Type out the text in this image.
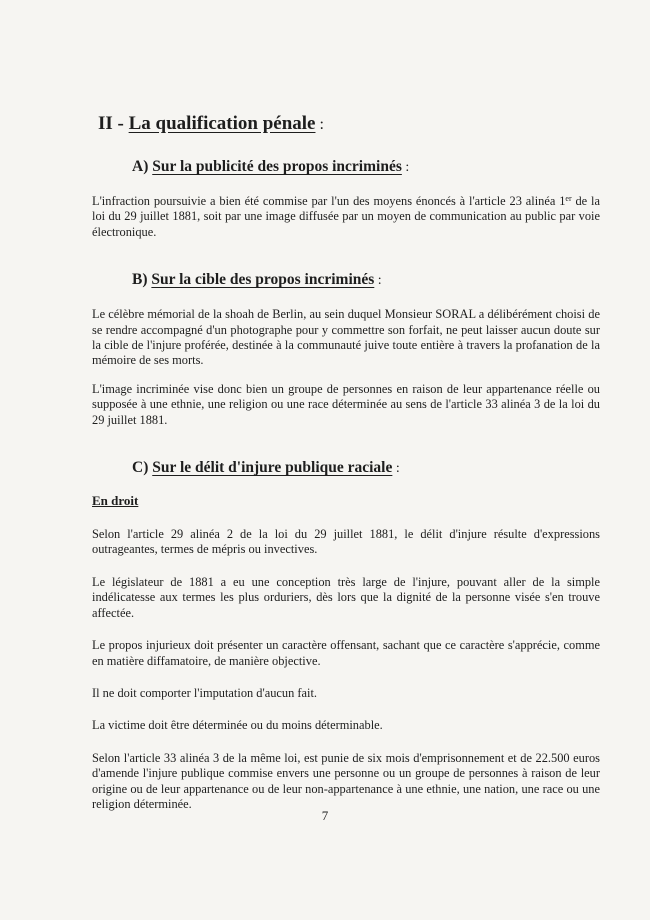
II - La qualification pénale :
A) Sur la publicité des propos incriminés :

L'infraction poursuivie a bien été commise par l'un des moyens énoncés à l'article 23 alinéa 1er de la loi du 29 juillet 1881, soit par une image diffusée par un moyen de communication au public par voie électronique.

B) Sur la cible des propos incriminés :

Le célèbre mémorial de la shoah de Berlin, au sein duquel Monsieur SORAL a délibérément choisi de se rendre accompagné d'un photographe pour y commettre son forfait, ne peut laisser aucun doute sur la cible de l'injure proférée, destinée à la communauté juive toute entière à travers la profanation de la mémoire de ses morts.

L'image incriminée vise donc bien un groupe de personnes en raison de leur appartenance réelle ou supposée à une ethnie, une religion ou une race déterminée au sens de l'article 33 alinéa 3 de la loi du 29 juillet 1881.

C) Sur le délit d'injure publique raciale :
En droit

Selon l'article 29 alinéa 2 de la loi du 29 juillet 1881, le délit d'injure résulte d'expressions outrageantes, termes de mépris ou invectives.

Le législateur de 1881 a eu une conception très large de l'injure, pouvant aller de la simple indélicatesse aux termes les plus orduriers, dès lors que la dignité de la personne visée s'en trouve affectée.

Le propos injurieux doit présenter un caractère offensant, sachant que ce caractère s'apprécie, comme en matière diffamatoire, de manière objective.

Il ne doit comporter l'imputation d'aucun fait.

La victime doit être déterminée ou du moins déterminable.

Selon l'article 33 alinéa 3 de la même loi, est punie de six mois d'emprisonnement et de 22.500 euros d'amende l'injure publique commise envers une personne ou un groupe de personnes à raison de leur origine ou de leur appartenance ou de leur non-appartenance à une ethnie, une nation, une race ou une religion déterminée.

7
